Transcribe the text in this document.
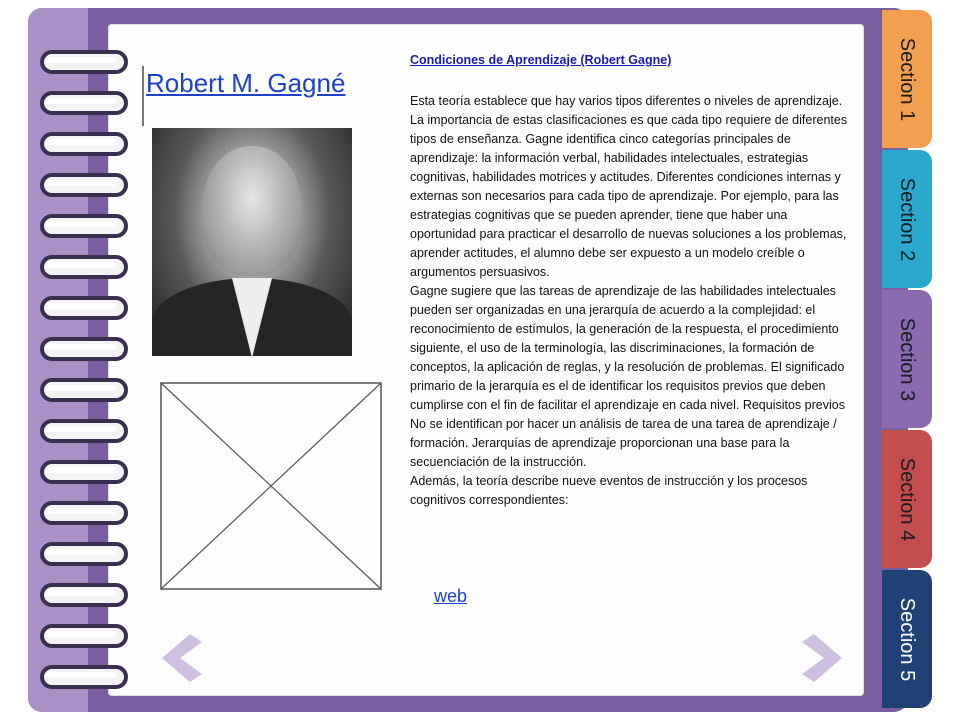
Section 1
Section 2
Section 3
Section 4
Section 5
Robert M. Gagné
Condiciones de Aprendizaje (Robert Gagne)

Esta teoría establece que hay varios tipos diferentes o niveles de aprendizaje. La importancia de estas clasificaciones es que cada tipo requiere de diferentes tipos de enseñanza. Gagne identifica cinco categorías principales de aprendizaje: la información verbal, habilidades intelectuales, estrategias cognitivas, habilidades motrices y actitudes. Diferentes condiciones internas y externas son necesarios para cada tipo de aprendizaje. Por ejemplo, para las estrategias cognitivas que se pueden aprender, tiene que haber una oportunidad para practicar el desarrollo de nuevas soluciones a los problemas, aprender actitudes, el alumno debe ser expuesto a un modelo creíble o argumentos persuasivos.

Gagne sugiere que las tareas de aprendizaje de las habilidades intelectuales pueden ser organizadas en una jerarquía de acuerdo a la complejidad: el reconocimiento de estímulos, la generación de la respuesta, el procedimiento siguiente, el uso de la terminología, las discriminaciones, la formación de conceptos, la aplicación de reglas, y la resolución de problemas. El significado primario de la jerarquía es el de identificar los requisitos previos que deben cumplirse con el fin de facilitar el aprendizaje en cada nivel. Requisitos previos No se identifican por hacer un análisis de tarea de una tarea de aprendizaje / formación. Jerarquías de aprendizaje proporcionan una base para la secuenciación de la instrucción.

Además, la teoría describe nueve eventos de instrucción y los procesos cognitivos correspondientes:

web
